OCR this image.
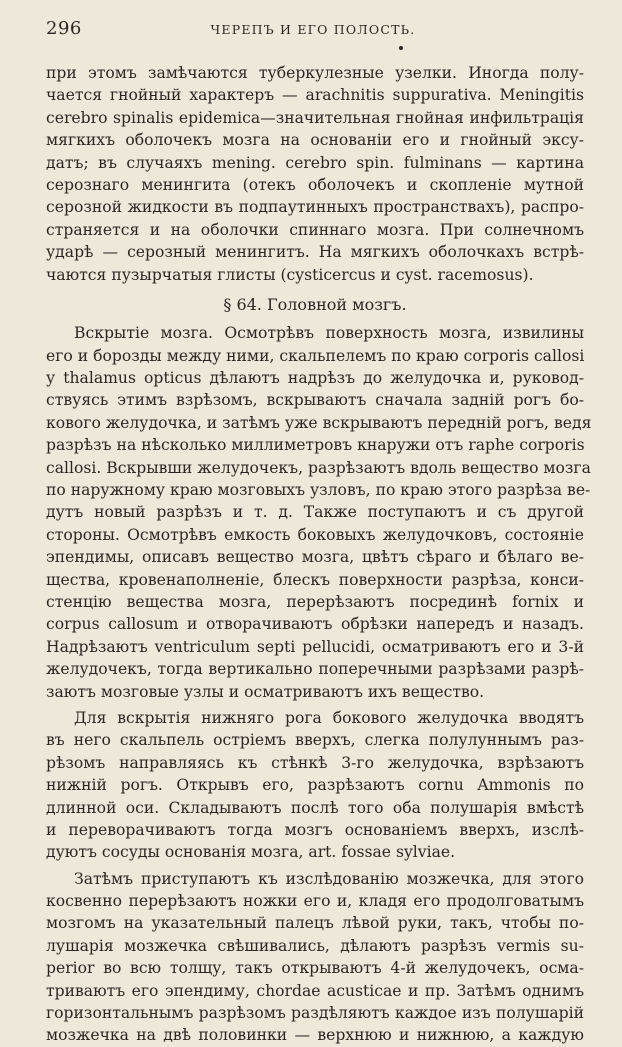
296	ЧЕРЕПЪ И ЕГО ПОЛОСТЬ.
при этомъ замѣчаются туберкулезные узелки. Иногда полу-
чается гнойный характеръ — arachnitis suppurativa. Meningitis
cerebro spinalis epidemica—значительная гнойная инфильтрація
мягкихъ оболочекъ мозга на основаніи его и гнойный эксу-
датъ; въ случаяхъ mening. cerebro spin. fulminans — картина
серознаго менингита (отекъ оболочекъ и скопленіе мутной
серозной жидкости въ подпаутинныхъ пространствахъ), распро-
страняется и на оболочки спиннаго мозга. При солнечномъ
ударѣ — серозный менингитъ. На мягкихъ оболочкахъ встрѣ-
чаются пузырчатыя глисты (cysticercus и cyst. racemosus).
§ 64. Головной мозгъ.
Вскрытіе мозга. Осмотрѣвъ поверхность мозга, извилины
его и борозды между ними, скальпелемъ по краю corporis callosi
у thalamus opticus дѣлаютъ надрѣзъ до желудочка и, руковод-
ствуясь этимъ взрѣзомъ, вскрываютъ сначала задній рогъ бо-
кового желудочка, и затѣмъ уже вскрываютъ передній рогъ, ведя
разрѣзъ на нѣсколько миллиметровъ кнаружи отъ raphe corporis
callosi. Вскрывши желудочекъ, разрѣзаютъ вдоль вещество мозга
по наружному краю мозговыхъ узловъ, по краю этого разрѣза ве-
дутъ новый разрѣзъ и т. д. Также поступаютъ и съ другой
стороны. Осмотрѣвъ емкость боковыхъ желудочковъ, состояніе
эпендимы, описавъ вещество мозга, цвѣтъ сѣраго и бѣлаго ве-
щества, кровенаполненіе, блескъ поверхности разрѣза, конси-
стенцію вещества мозга, перерѣзаютъ посрединѣ fornix и
corpus callosum и отворачиваютъ обрѣзки напередъ и назадъ.
Надрѣзаютъ ventriculum septi pellucidi, осматриваютъ его и 3-й
желудочекъ, тогда вертикально поперечными разрѣзами разрѣ-
заютъ мозговые узлы и осматриваютъ ихъ вещество.
Для вскрытія нижняго рога бокового желудочка вводятъ
въ него скальпель остріемъ вверхъ, слегка полулуннымъ раз-
рѣзомъ направляясь къ стѣнкѣ 3-го желудочка, взрѣзаютъ
нижній рогъ. Открывъ его, разрѣзаютъ cornu Ammonis по
длинной оси. Складываютъ послѣ того оба полушарія вмѣстѣ
и переворачиваютъ тогда мозгъ основаніемъ вверхъ, изслѣ-
дуютъ сосуды основанія мозга, art. fossae sylviae.
Затѣмъ приступаютъ къ изслѣдованію мозжечка, для этого
косвенно перерѣзаютъ ножки его и, кладя его продолговатымъ
мозгомъ на указательный палецъ лѣвой руки, такъ, чтобы по-
лушарія мозжечка свѣшивались, дѣлаютъ разрѣзъ vermis su-
perior во всю толщу, такъ открываютъ 4-й желудочекъ, осма-
триваютъ его эпендиму, chordae acusticae и пр. Затѣмъ однимъ
горизонтальнымъ разрѣзомъ раздѣляютъ каждое изъ полушарій
мозжечка на двѣ половинки — верхнюю и нижнюю, а каждую
